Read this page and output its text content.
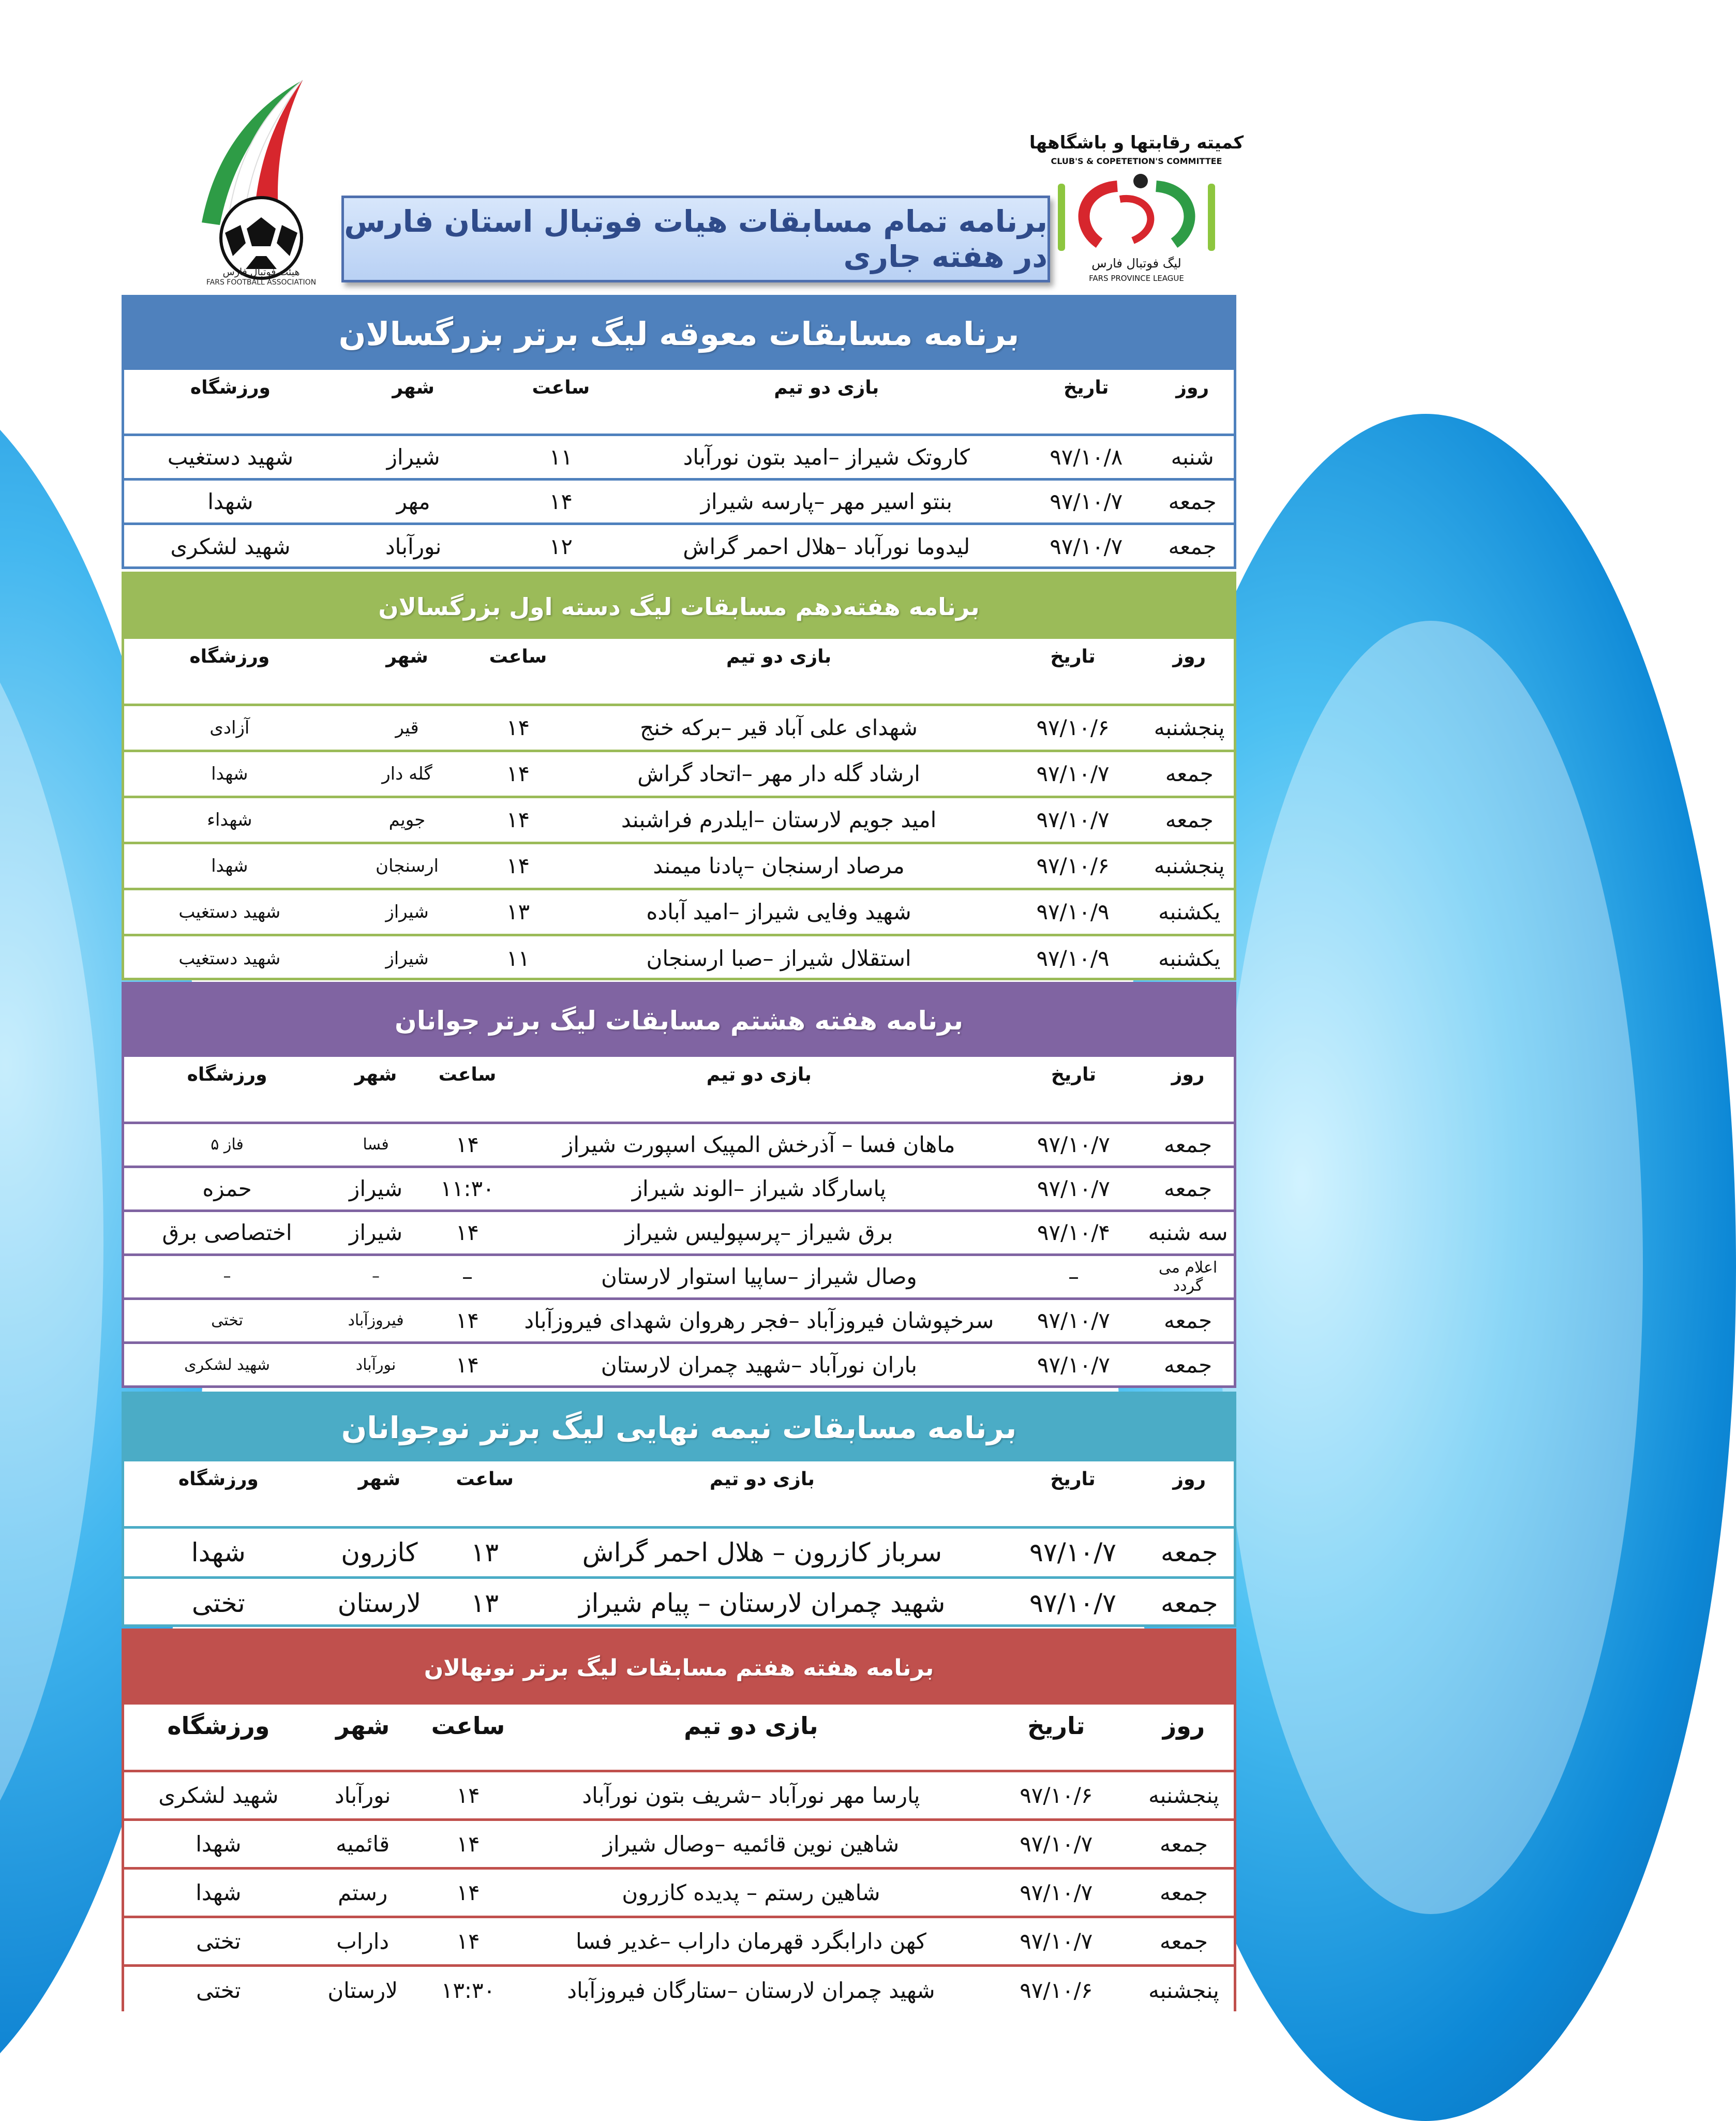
هیئت فوتبال فارس
FARS FOOTBALL ASSOCIATION
کمیته رقابتها و باشگاهها
CLUB'S & COPETETION'S COMMITTEE
لیگ فوتبال فارس
FARS PROVINCE LEAGUE
برنامه تمام مسابقات هیات فوتبال استان فارس در هفته جاری
برنامه مسابقات معوقه لیگ برتر بزرگسالان
روز	تاریخ	بازی دو تیم	ساعت	شهر	ورزشگاه
شنبه	۹۷/۱۰/۸	کاروتک شیراز –امید بتون نورآباد	۱۱	شیراز	شهید دستغیب
جمعه	۹۷/۱۰/۷	بنتو اسیر مهر –پارسه شیراز	۱۴	مهر	شهدا
جمعه	۹۷/۱۰/۷	لیدوما نورآباد –هلال احمر گراش	۱۲	نورآباد	شهید لشکری
برنامه هفته‌دهم مسابقات لیگ دسته اول بزرگسالان
روز	تاریخ	بازی دو تیم	ساعت	شهر	ورزشگاه
پنجشنبه	۹۷/۱۰/۶	شهدای علی آباد قیر –برکه خنج	۱۴	قیر	آزادی
جمعه	۹۷/۱۰/۷	ارشاد گله دار مهر –اتحاد گراش	۱۴	گله دار	شهدا
جمعه	۹۷/۱۰/۷	امید جویم لارستان –ایلدرم فراشبند	۱۴	جویم	شهداء
پنجشنبه	۹۷/۱۰/۶	مرصاد ارسنجان –پادنا میمند	۱۴	ارسنجان	شهدا
یکشنبه	۹۷/۱۰/۹	شهید وفایی شیراز –امید آباده	۱۳	شیراز	شهید دستغیب
یکشنبه	۹۷/۱۰/۹	استقلال شیراز –صبا ارسنجان	۱۱	شیراز	شهید دستغیب
برنامه هفته هشتم مسابقات لیگ برتر جوانان
روز	تاریخ	بازی دو تیم	ساعت	شهر	ورزشگاه
جمعه	۹۷/۱۰/۷	ماهان فسا – آذرخش المپیک اسپورت شیراز	۱۴	فسا	فاز ۵
جمعه	۹۷/۱۰/۷	پاسارگاد شیراز –الوند شیراز	۱۱:۳۰	شیراز	حمزه
سه شنبه	۹۷/۱۰/۴	برق شیراز –پرسپولیس شیراز	۱۴	شیراز	اختصاصی برق
اعلام می گردد	–	وصال شیراز –ساپیا استوار لارستان	–	–	–
جمعه	۹۷/۱۰/۷	سرخپوشان فیروزآباد –فجر رهروان شهدای فیروزآباد	۱۴	فیروزآباد	تختی
جمعه	۹۷/۱۰/۷	باران نورآباد –شهید چمران لارستان	۱۴	نورآباد	شهید لشکری
برنامه مسابقات نیمه نهایی لیگ برتر نوجوانان
روز	تاریخ	بازی دو تیم	ساعت	شهر	ورزشگاه
جمعه	۹۷/۱۰/۷	سرباز کازرون – هلال احمر گراش	۱۳	کازرون	شهدا
جمعه	۹۷/۱۰/۷	شهید چمران لارستان – پیام شیراز	۱۳	لارستان	تختی
برنامه هفته هفتم مسابقات لیگ برتر نونهالان
روز	تاریخ	بازی دو تیم	ساعت	شهر	ورزشگاه
پنجشنبه	۹۷/۱۰/۶	پارسا مهر نورآباد –شریف بتون نورآباد	۱۴	نورآباد	شهید لشکری
جمعه	۹۷/۱۰/۷	شاهین نوین قائمیه –وصال شیراز	۱۴	قائمیه	شهدا
جمعه	۹۷/۱۰/۷	شاهین رستم – پدیده کازرون	۱۴	رستم	شهدا
جمعه	۹۷/۱۰/۷	کهن دارابگرد قهرمان داراب –غدیر فسا	۱۴	داراب	تختی
پنجشنبه	۹۷/۱۰/۶	شهید چمران لارستان –ستارگان فیروزآباد	۱۳:۳۰	لارستان	تختی
